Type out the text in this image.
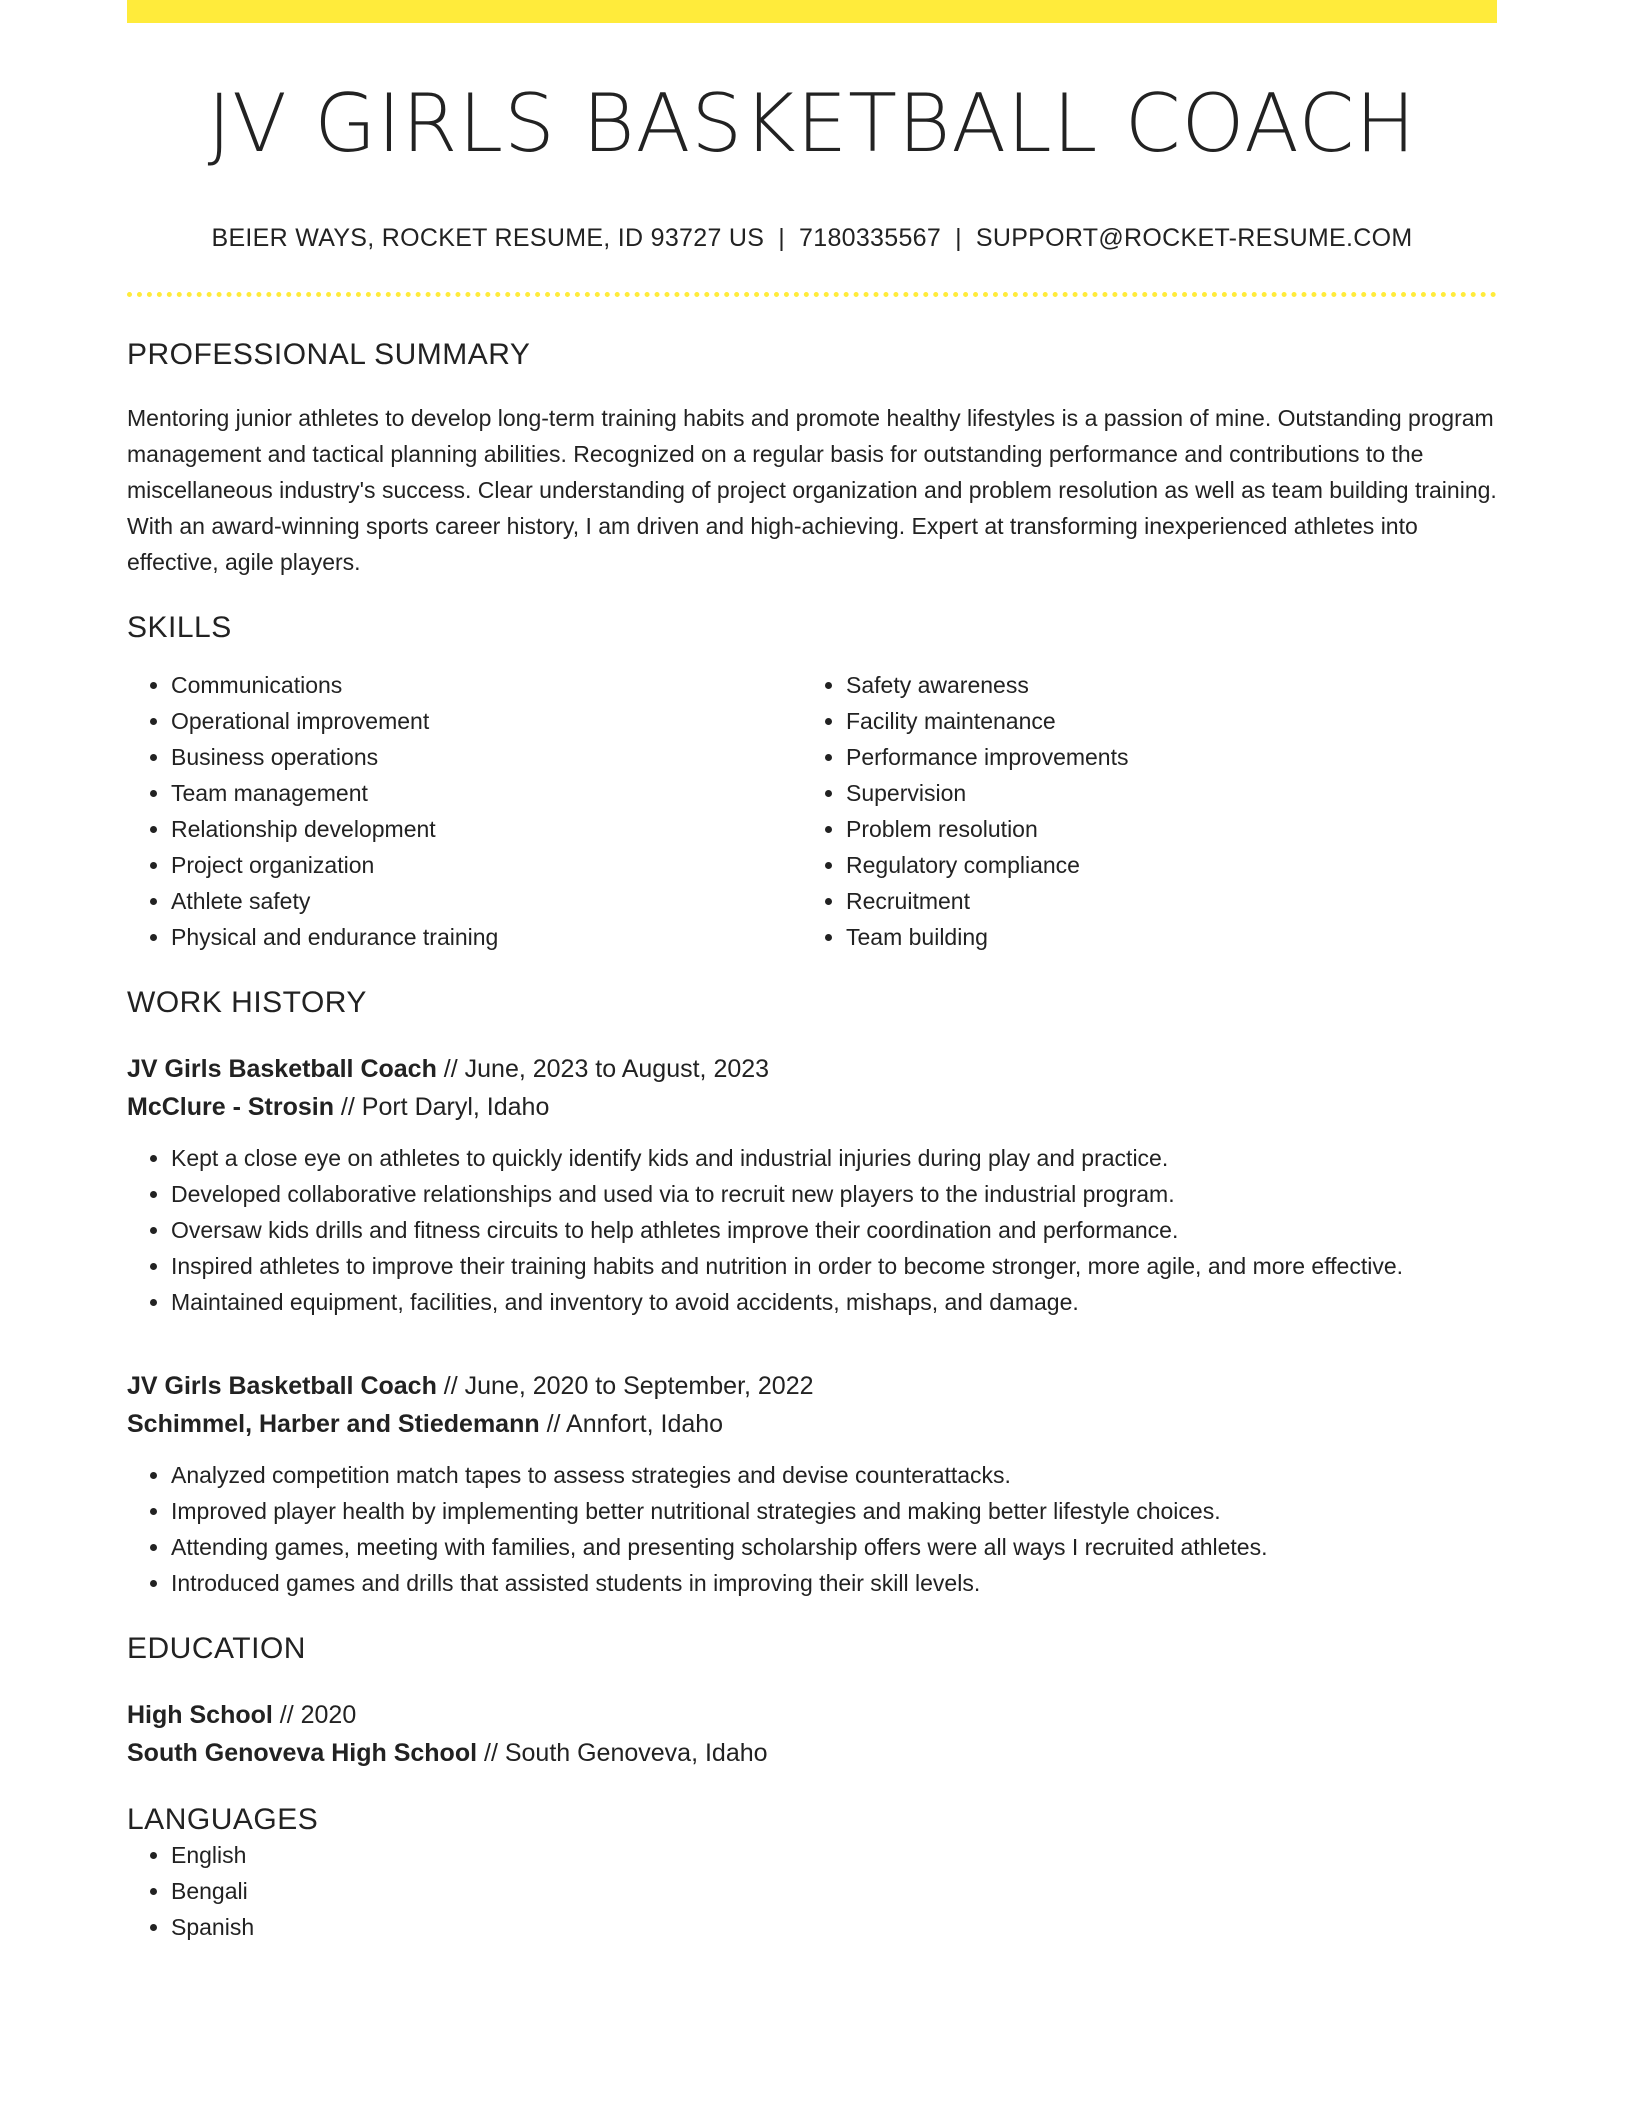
JV GIRLS BASKETBALL COACH
BEIER WAYS, ROCKET RESUME, ID 93727 US | 7180335567 | SUPPORT@ROCKET-RESUME.COM
PROFESSIONAL SUMMARY

Mentoring junior athletes to develop long-term training habits and promote healthy lifestyles is a passion of mine. Outstanding program management and tactical planning abilities. Recognized on a regular basis for outstanding performance and contributions to the miscellaneous industry's success. Clear understanding of project organization and problem resolution as well as team building training. With an award-winning sports career history, I am driven and high-achieving. Expert at transforming inexperienced athletes into effective, agile players.

SKILLS
• Communications
• Operational improvement
• Business operations
• Team management
• Relationship development
• Project organization
• Athlete safety
• Physical and endurance training
• Safety awareness
• Facility maintenance
• Performance improvements
• Supervision
• Problem resolution
• Regulatory compliance
• Recruitment
• Team building
WORK HISTORY
JV Girls Basketball Coach // June, 2023 to August, 2023
McClure - Strosin // Port Daryl, Idaho
• Kept a close eye on athletes to quickly identify kids and industrial injuries during play and practice.
• Developed collaborative relationships and used via to recruit new players to the industrial program.
• Oversaw kids drills and fitness circuits to help athletes improve their coordination and performance.
• Inspired athletes to improve their training habits and nutrition in order to become stronger, more agile, and more effective.
• Maintained equipment, facilities, and inventory to avoid accidents, mishaps, and damage.
JV Girls Basketball Coach // June, 2020 to September, 2022
Schimmel, Harber and Stiedemann // Annfort, Idaho
• Analyzed competition match tapes to assess strategies and devise counterattacks.
• Improved player health by implementing better nutritional strategies and making better lifestyle choices.
• Attending games, meeting with families, and presenting scholarship offers were all ways I recruited athletes.
• Introduced games and drills that assisted students in improving their skill levels.
EDUCATION
High School // 2020
South Genoveva High School // South Genoveva, Idaho
LANGUAGES
• English
• Bengali
• Spanish
